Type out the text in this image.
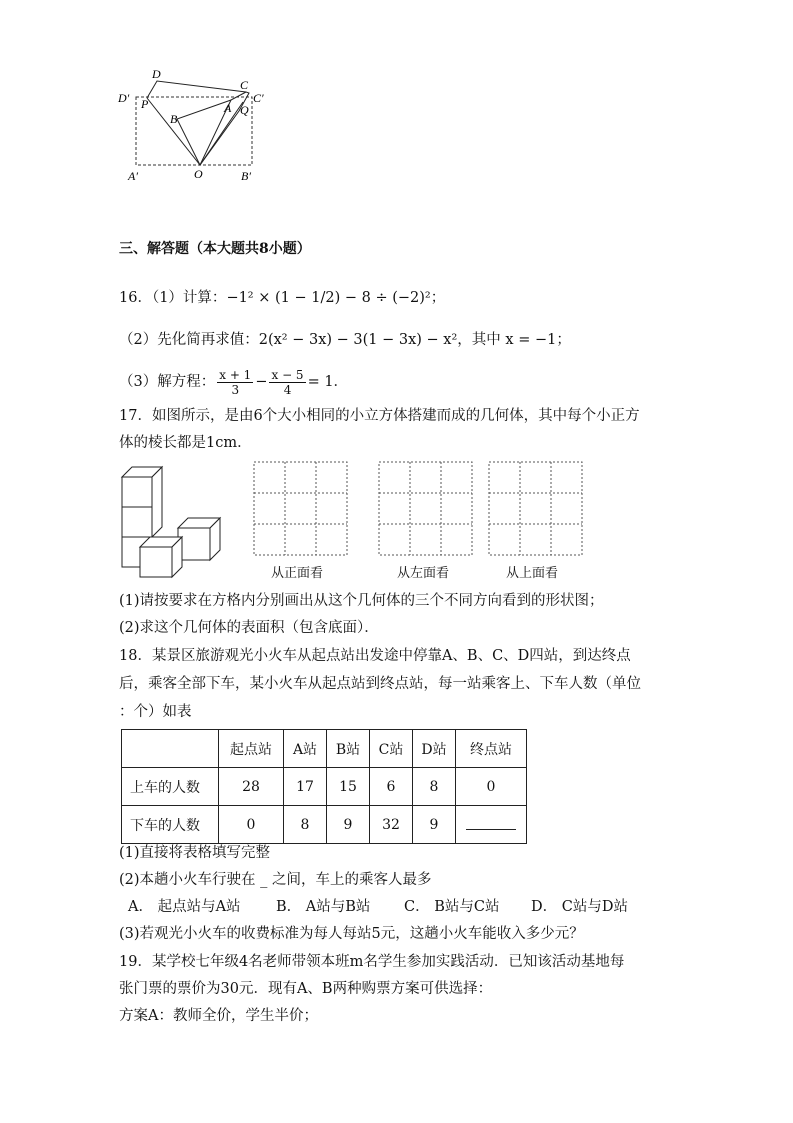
D
C
D′ P	A
C′
Q
B
A′	O	B′
三、解答题（本大题共8小题）
16．（1）计算：−1² × (1 − 1/2) − 8 ÷ (−2)²；
（2）先化简再求值：2(x² − 3x) − 3(1 − 3x) − x²，其中 x = −1；
（3）解方程： $\frac{x + 1}{3} - \frac{x - 5}{4} = 1$．
17．如图所示，是由6个大小相同的小立方体搭建而成的几何体，其中每个小正方
体的棱长都是1cm．
从正面看	从左面看	从上面看
(1)请按要求在方格内分别画出从这个几何体的三个不同方向看到的形状图；
(2)求这个几何体的表面积（包含底面）．
18．某景区旅游观光小火车从起点站出发途中停靠A、B、C、D四站，到达终点
后，乘客全部下车，某小火车从起点站到终点站，每一站乘客上、下车人数（单位
：个）如表
	起点站	A站	B站	C站	D站	终点站
上车的人数	28	17	15	6	8	0
下车的人数	0	8	9	32	9	
(1)直接将表格填写完整
(2)本趟小火车行驶在 _ 之间，车上的乘客人最多
A． 起点站与A站 B． A站与B站 C． B站与C站 D． C站与D站
(3)若观光小火车的收费标准为每人每站5元，这趟小火车能收入多少元？
19．某学校七年级4名老师带领本班m名学生参加实践活动．已知该活动基地每
张门票的票价为30元．现有A、B两种购票方案可供选择：
方案A：教师全价，学生半价；
